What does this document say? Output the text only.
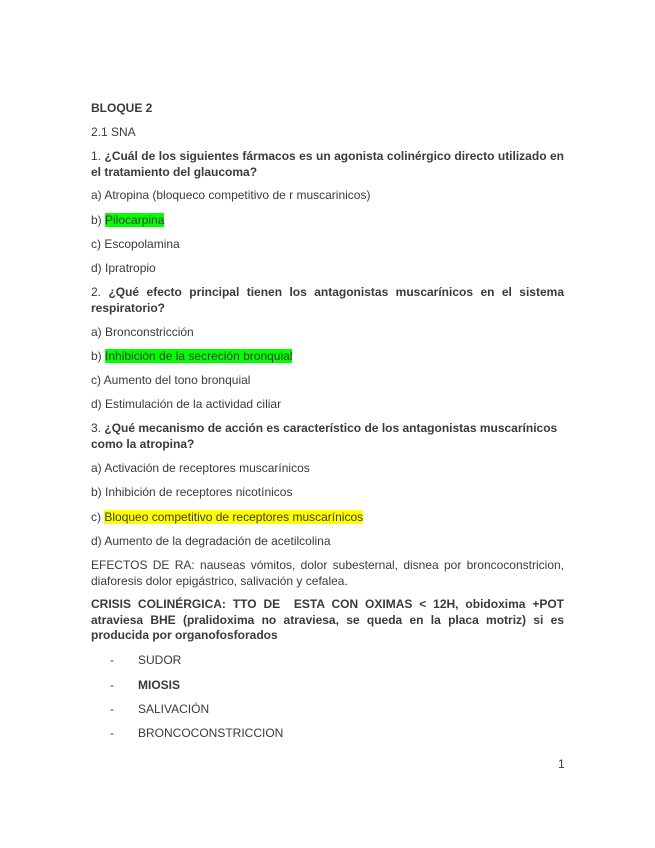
BLOQUE 2
2.1 SNA
1. ¿Cuál de los siguientes fármacos es un agonista colinérgico directo utilizado en el tratamiento del glaucoma?
a) Atropina (bloqueco competitivo de r muscarinicos)
b) Pilocarpina
c) Escopolamina
d) Ipratropio
2. ¿Qué efecto principal tienen los antagonistas muscarínicos en el sistema respiratorio?
a) Bronconstricción
b) Inhibición de la secreción bronquial
c) Aumento del tono bronquial
d) Estimulación de la actividad ciliar
3. ¿Qué mecanismo de acción es característico de los antagonistas muscarínicos como la atropina?
a) Activación de receptores muscarínicos
b) Inhibición de receptores nicotínicos
c) Bloqueo competitivo de receptores muscarínicos
d) Aumento de la degradación de acetilcolina
EFECTOS DE RA: nauseas vómitos, dolor subesternal, disnea por broncoconstricion, diaforesis dolor epigástrico, salivación y cefalea.
CRISIS COLINÉRGICA: TTO DE  ESTA CON OXIMAS < 12H, obidoxima +POT atraviesa BHE (pralidoxima no atraviesa, se queda en la placa motriz) si es producida por organofosforados
- SUDOR
- MIOSIS
- SALIVACIÓN
- BRONCOCONSTRICCION
1
